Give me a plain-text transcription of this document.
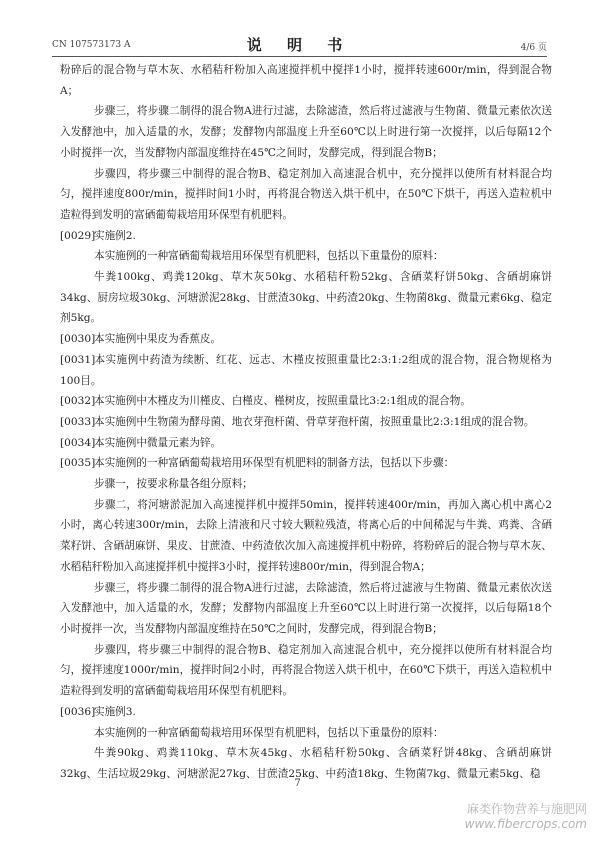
CN 107573173 A	说 明 书	4/6 页
粉碎后的混合物与草木灰、水稻秸秆粉加入高速搅拌机中搅拌1小时，搅拌转速600r/min，得到混合物A；
步骤三，将步骤二制得的混合物A进行过滤，去除滤渣，然后将过滤液与生物菌、微量元素依次送入发酵池中，加入适量的水，发酵；发酵物内部温度上升至60℃以上时进行第一次搅拌，以后每隔12个小时搅拌一次，当发酵物内部温度维持在45℃之间时，发酵完成，得到混合物B；
步骤四，将步骤三中制得的混合物B、稳定剂加入高速混合机中，充分搅拌以使所有材料混合均匀，搅拌速度800r/min，搅拌时间1小时，再将混合物送入烘干机中，在50℃下烘干，再送入造粒机中造粒得到发明的富硒葡萄栽培用环保型有机肥料。
[0029]实施例2.
本实施例的一种富硒葡萄栽培用环保型有机肥料，包括以下重量份的原料：
牛粪100kg、鸡粪120kg、草木灰50kg、水稻秸秆粉52kg、含硒菜籽饼50kg、含硒胡麻饼34kg、厨房垃圾30kg、河塘淤泥28kg、甘蔗渣30kg、中药渣20kg、生物菌8kg、微量元素6kg、稳定剂5kg。
[0030]本实施例中果皮为香蕉皮。
[0031]本实施例中药渣为续断、红花、远志、木槿皮按照重量比2:3:1:2组成的混合物，混合物规格为100目。
[0032]本实施例中木槿皮为川槿皮、白槿皮、槿树皮，按照重量比3:2:1组成的混合物。
[0033]本实施例中生物菌为酵母菌、地衣芽孢杆菌、骨草芽孢杆菌，按照重量比2:3:1组成的混合物。
[0034]本实施例中微量元素为锌。
[0035]本实施例的一种富硒葡萄栽培用环保型有机肥料的制备方法，包括以下步骤：
步骤一，按要求称量各组分原料；
步骤二，将河塘淤泥加入高速搅拌机中搅拌50min，搅拌转速400r/min，再加入离心机中离心2小时，离心转速300r/min，去除上清液和尺寸较大颗粒残渣，将离心后的中间稀泥与牛粪、鸡粪、含硒菜籽饼、含硒胡麻饼、果皮、甘蔗渣、中药渣依次加入高速搅拌机中粉碎，将粉碎后的混合物与草木灰、水稻秸秆粉加入高速搅拌机中搅拌3小时，搅拌转速800r/min，得到混合物A；
步骤三，将步骤二制得的混合物A进行过滤，去除滤渣，然后将过滤液与生物菌、微量元素依次送入发酵池中，加入适量的水，发酵；发酵物内部温度上升至60℃以上时进行第一次搅拌，以后每隔18个小时搅拌一次，当发酵物内部温度维持在50℃之间时，发酵完成，得到混合物B；
步骤四，将步骤三中制得的混合物B、稳定剂加入高速混合机中，充分搅拌以使所有材料混合均匀，搅拌速度1000r/min，搅拌时间2小时，再将混合物送入烘干机中，在60℃下烘干，再送入造粒机中造粒得到发明的富硒葡萄栽培用环保型有机肥料。
[0036]实施例3.
本实施例的一种富硒葡萄栽培用环保型有机肥料，包括以下重量份的原料：
牛粪90kg、鸡粪110kg、草木灰45kg、水稻秸秆粉50kg、含硒菜籽饼48kg、含硒胡麻饼32kg、生活垃圾29kg、河塘淤泥27kg、甘蔗渣25kg、中药渣18kg、生物菌7kg、微量元素5kg、稳
7
麻类作物营养与施肥网
www.fibercrops.com
